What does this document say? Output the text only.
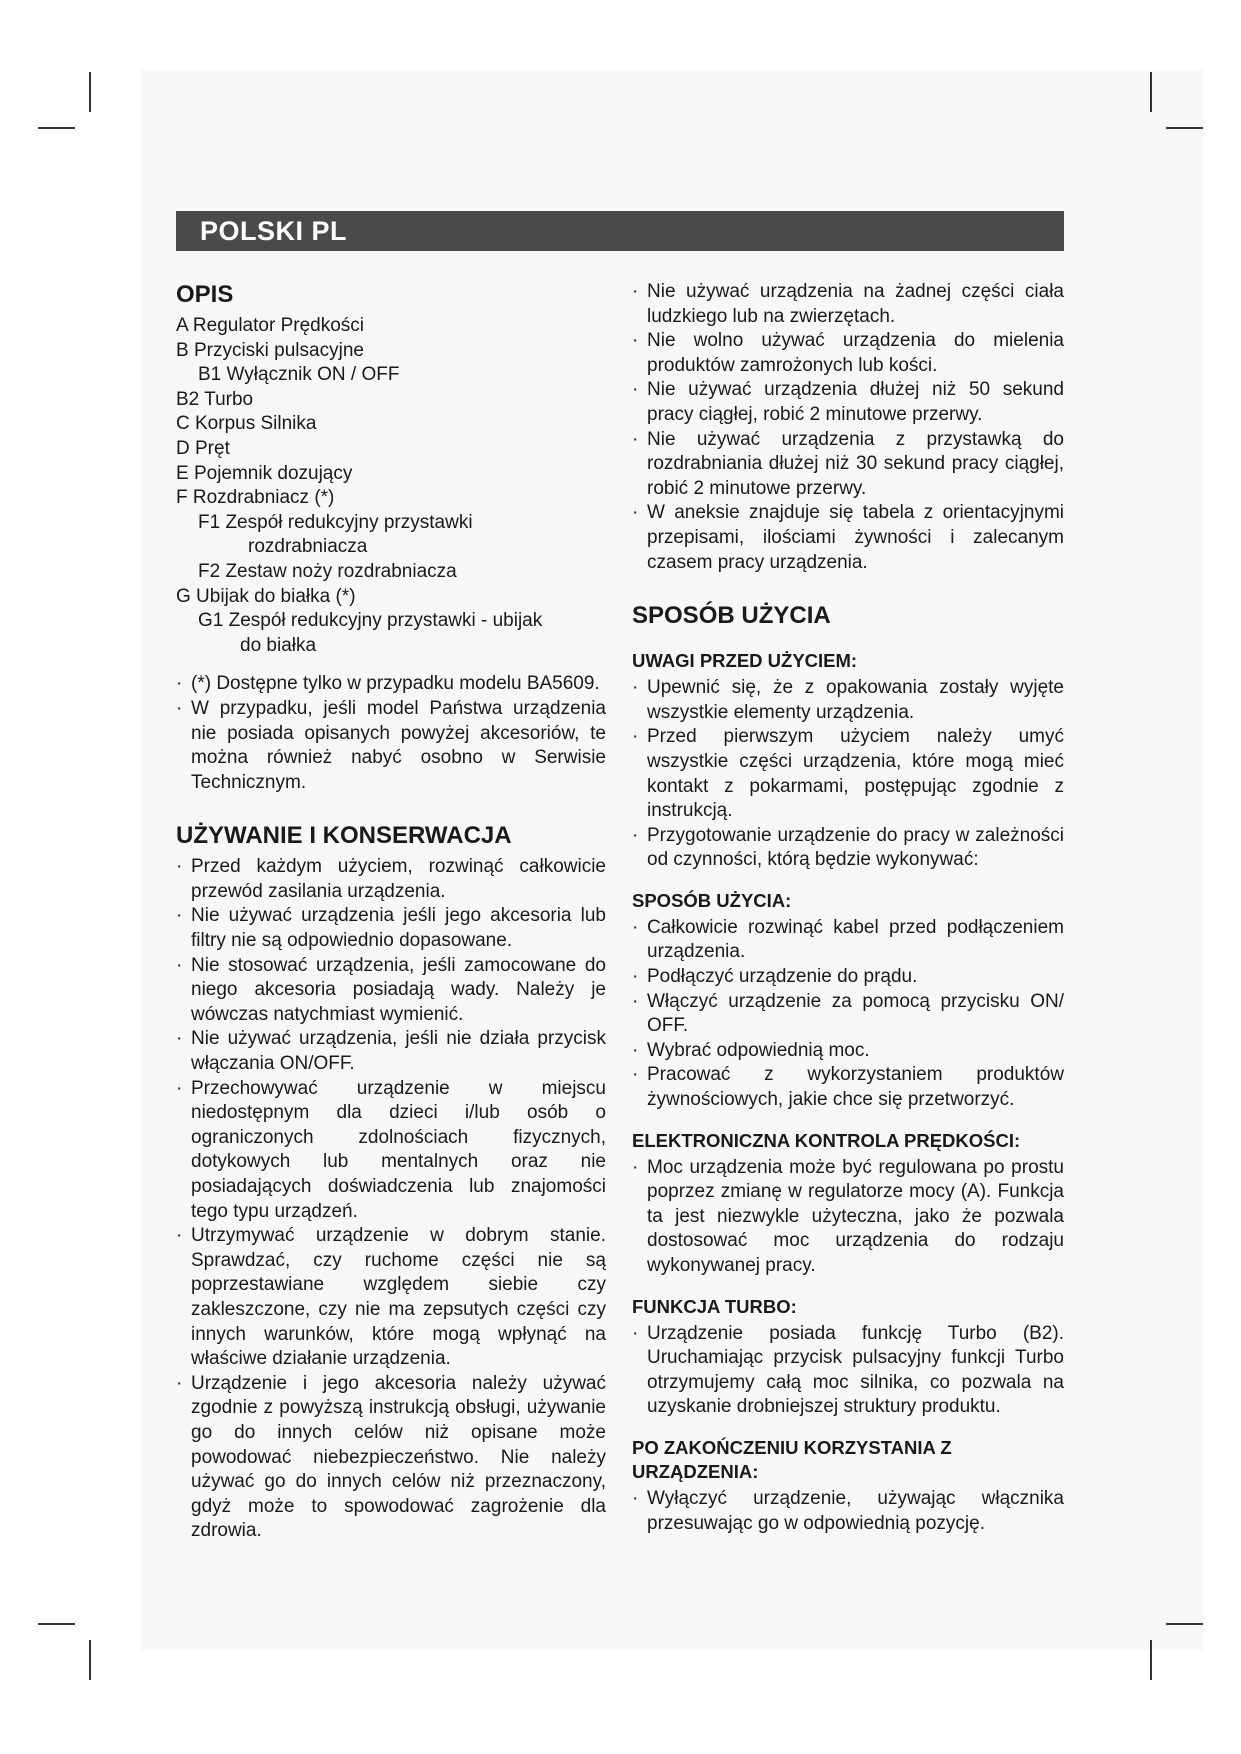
POLSKI PL
OPIS
A Regulator Prędkości
B Przyciski pulsacyjne
B1 Wyłącznik ON / OFF
B2 Turbo
C Korpus Silnika
D Pręt
E Pojemnik dozujący
F Rozdrabniacz (*)
F1 Zespół redukcyjny przystawki
rozdrabniacza
F2 Zestaw noży rozdrabniacza
G Ubijak do białka (*)
G1 Zespół redukcyjny przystawki - ubijak
do białka
· (*) Dostępne tylko w przypadku modelu BA5609.
· W przypadku, jeśli model Państwa urządzenia nie posiada opisanych powyżej akcesoriów, te można również nabyć osobno w Serwisie Technicznym.
UŻYWANIE I KONSERWACJA
· Przed każdym użyciem, rozwinąć całkowicie przewód zasilania urządzenia.
· Nie używać urządzenia jeśli jego akcesoria lub filtry nie są odpowiednio dopasowane.
· Nie stosować urządzenia, jeśli zamocowane do niego akcesoria posiadają wady. Należy je wówczas natychmiast wymienić.
· Nie używać urządzenia, jeśli nie działa przycisk włączania ON/OFF.
· Przechowywać urządzenie w miejscu niedostępnym dla dzieci i/lub osób o ograniczonych zdolnościach fizycznych, dotykowych lub mentalnych oraz nie posiadających doświadczenia lub znajomości tego typu urządzeń.
· Utrzymywać urządzenie w dobrym stanie. Sprawdzać, czy ruchome części nie są poprzestawiane względem siebie czy zakleszczone, czy nie ma zepsutych części czy innych warunków, które mogą wpłynąć na właściwe działanie urządzenia.
· Urządzenie i jego akcesoria należy używać zgodnie z powyższą instrukcją obsługi, używanie go do innych celów niż opisane może powodować niebezpieczeństwo. Nie należy używać go do innych celów niż przeznaczony, gdyż może to spowodować zagrożenie dla zdrowia.
· Nie używać urządzenia na żadnej części ciała ludzkiego lub na zwierzętach.
· Nie wolno używać urządzenia do mielenia produktów zamrożonych lub kości.
· Nie używać urządzenia dłużej niż 50 sekund pracy ciągłej, robić 2 minutowe przerwy.
· Nie używać urządzenia z przystawką do rozdrabniania dłużej niż 30 sekund pracy ciągłej, robić 2 minutowe przerwy.
· W aneksie znajduje się tabela z orientacyjnymi przepisami, ilościami żywności i zalecanym czasem pracy urządzenia.
SPOSÓB UŻYCIA
UWAGI PRZED UŻYCIEM:
· Upewnić się, że z opakowania zostały wyjęte wszystkie elementy urządzenia.
· Przed pierwszym użyciem należy umyć wszystkie części urządzenia, które mogą mieć kontakt z pokarmami, postępując zgodnie z instrukcją.
· Przygotowanie urządzenie do pracy w zależności od czynności, którą będzie wykonywać:
SPOSÓB UŻYCIA:
· Całkowicie rozwinąć kabel przed podłączeniem urządzenia.
· Podłączyć urządzenie do prądu.
· Włączyć urządzenie za pomocą przycisku ON/ OFF.
· Wybrać odpowiednią moc.
· Pracować z wykorzystaniem produktów żywnościowych, jakie chce się przetworzyć.
ELEKTRONICZNA KONTROLA PRĘDKOŚCI:
· Moc urządzenia może być regulowana po prostu poprzez zmianę w regulatorze mocy (A). Funkcja ta jest niezwykle użyteczna, jako że pozwala dostosować moc urządzenia do rodzaju wykonywanej pracy.
FUNKCJA TURBO:
· Urządzenie posiada funkcję Turbo (B2). Uruchamiając przycisk pulsacyjny funkcji Turbo otrzymujemy całą moc silnika, co pozwala na uzyskanie drobniejszej struktury produktu.
PO ZAKOŃCZENIU KORZYSTANIA Z URZĄDZENIA:
· Wyłączyć urządzenie, używając włącznika przesuwając go w odpowiednią pozycję.
